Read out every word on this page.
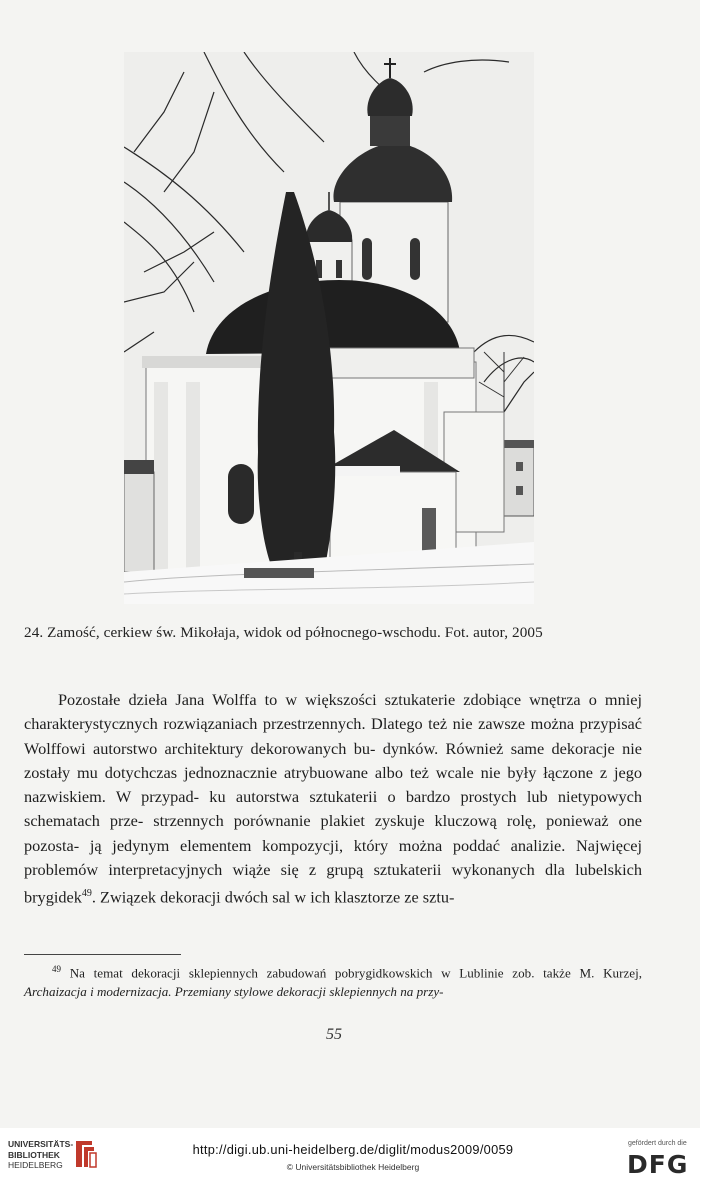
24. Zamość, cerkiew św. Mikołaja, widok od północnego-wschodu. Fot. autor, 2005

Pozostałe dzieła Jana Wolffa to w większości sztukaterie zdobiące wnętrza o mniej charakterystycznych rozwiązaniach przestrzennych. Dlatego też nie zawsze można przypisać Wolffowi autorstwo architektury dekorowanych bu- dynków. Również same dekoracje nie zostały mu dotychczas jednoznacznie atrybuowane albo też wcale nie były łączone z jego nazwiskiem. W przypad- ku autorstwa sztukaterii o bardzo prostych lub nietypowych schematach prze- strzennych porównanie plakiet zyskuje kluczową rolę, ponieważ one pozosta- ją jedynym elementem kompozycji, który można poddać analizie. Najwięcej problemów interpretacyjnych wiąże się z grupą sztukaterii wykonanych dla lubelskich brygidek$^{49}$. Związek dekoracji dwóch sal w ich klasztorze ze sztu-

$^{49}$ Na temat dekoracji sklepiennych zabudowań pobrygidkowskich w Lublinie zob. także M. Kurzej, Archaizacja i modernizacja. Przemiany stylowe dekoracji sklepiennych na przy-

55
UNIVERSITÄTS-
BIBLIOTHEK
HEIDELBERG
http://digi.ub.uni-heidelberg.de/diglit/modus2009/0059
© Universitätsbibliothek Heidelberg
gefördert durch die
DFG
